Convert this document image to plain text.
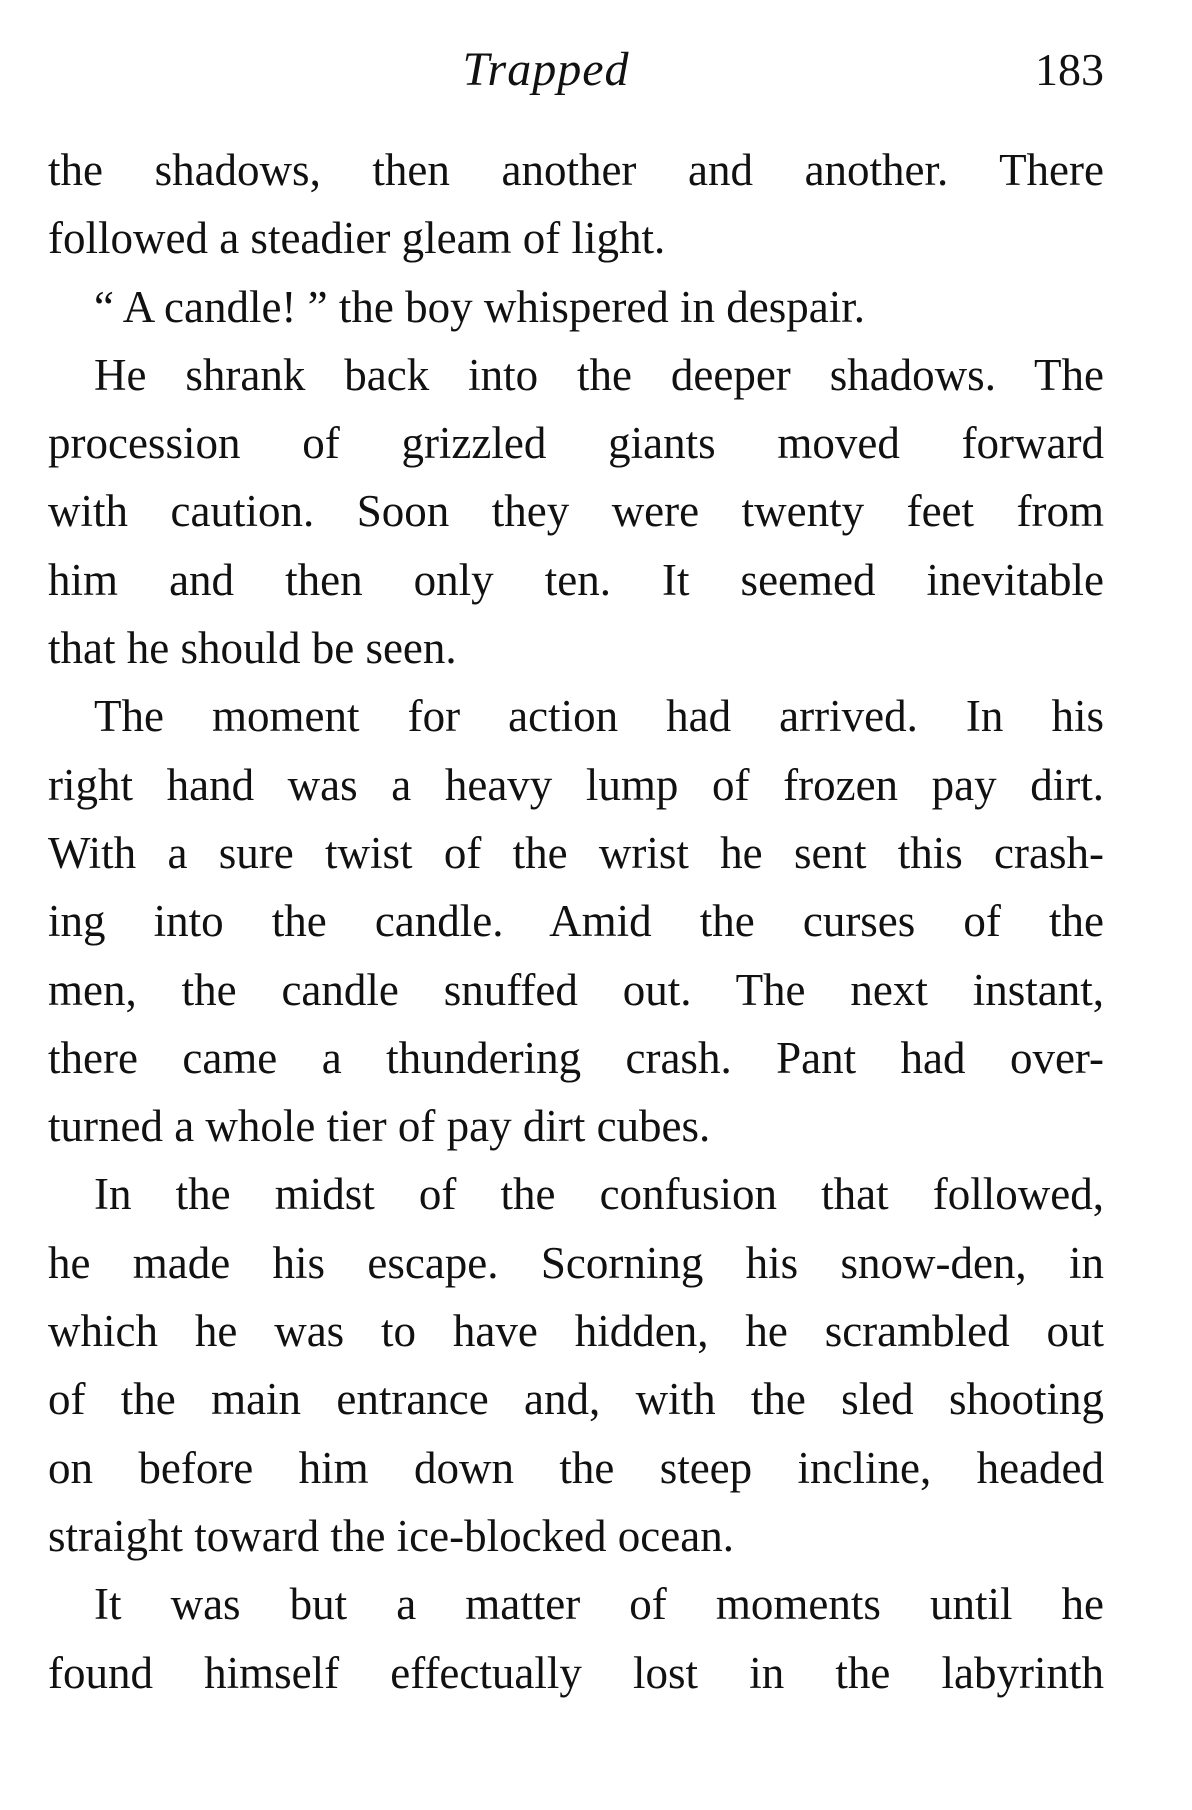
Trapped	183
the shadows, then another and another. There
followed a steadier gleam of light.
“ A candle! ” the boy whispered in despair.
He shrank back into the deeper shadows. The
procession of grizzled giants moved forward
with caution. Soon they were twenty feet from
him and then only ten. It seemed inevitable
that he should be seen.
The moment for action had arrived. In his
right hand was a heavy lump of frozen pay dirt.
With a sure twist of the wrist he sent this crash-
ing into the candle. Amid the curses of the
men, the candle snuffed out. The next instant,
there came a thundering crash. Pant had over-
turned a whole tier of pay dirt cubes.
In the midst of the confusion that followed,
he made his escape. Scorning his snow-den, in
which he was to have hidden, he scrambled out
of the main entrance and, with the sled shooting
on before him down the steep incline, headed
straight toward the ice-blocked ocean.
It was but a matter of moments until he
found himself effectually lost in the labyrinth
